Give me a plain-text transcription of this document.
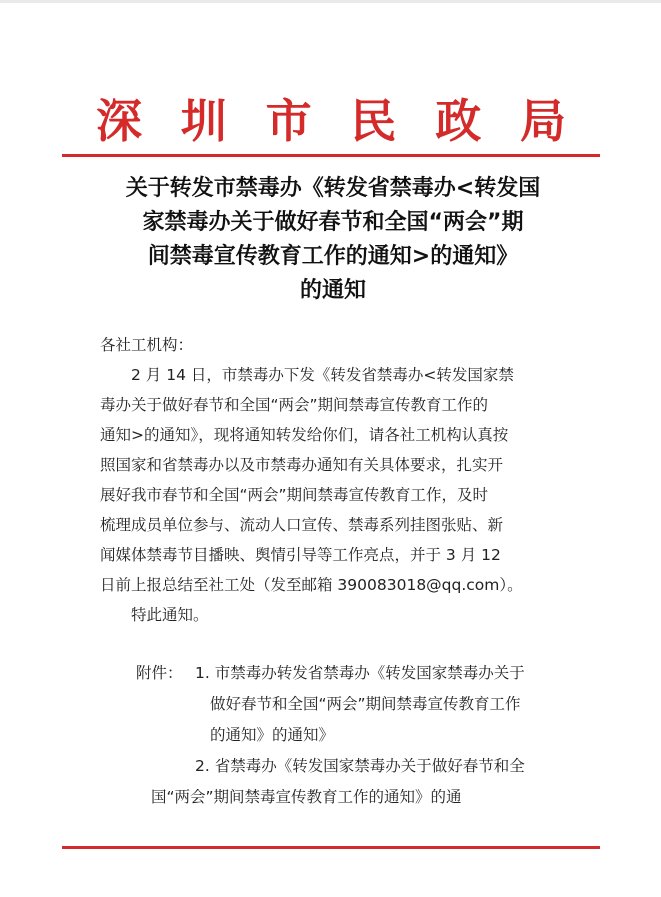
深 圳 市 民 政 局
关于转发市禁毒办《转发省禁毒办<转发国
家禁毒办关于做好春节和全国“两会”期
间禁毒宣传教育工作的通知>的通知》
的通知

各社工机构：

2 月 14 日，市禁毒办下发《转发省禁毒办<转发国家禁

毒办关于做好春节和全国“两会”期间禁毒宣传教育工作的

通知>的通知》，现将通知转发给你们，请各社工机构认真按

照国家和省禁毒办以及市禁毒办通知有关具体要求，扎实开

展好我市春节和全国“两会”期间禁毒宣传教育工作，及时

梳理成员单位参与、流动人口宣传、禁毒系列挂图张贴、新

闻媒体禁毒节目播映、舆情引导等工作亮点，并于 3 月 12

日前上报总结至社工处（发至邮箱 390083018@qq.com）。

特此通知。

附件： 1. 市禁毒办转发省禁毒办《转发国家禁毒办关于
做好春节和全国“两会”期间禁毒宣传教育工作
的通知》的通知》
2. 省禁毒办《转发国家禁毒办关于做好春节和全
国“两会”期间禁毒宣传教育工作的通知》的通
